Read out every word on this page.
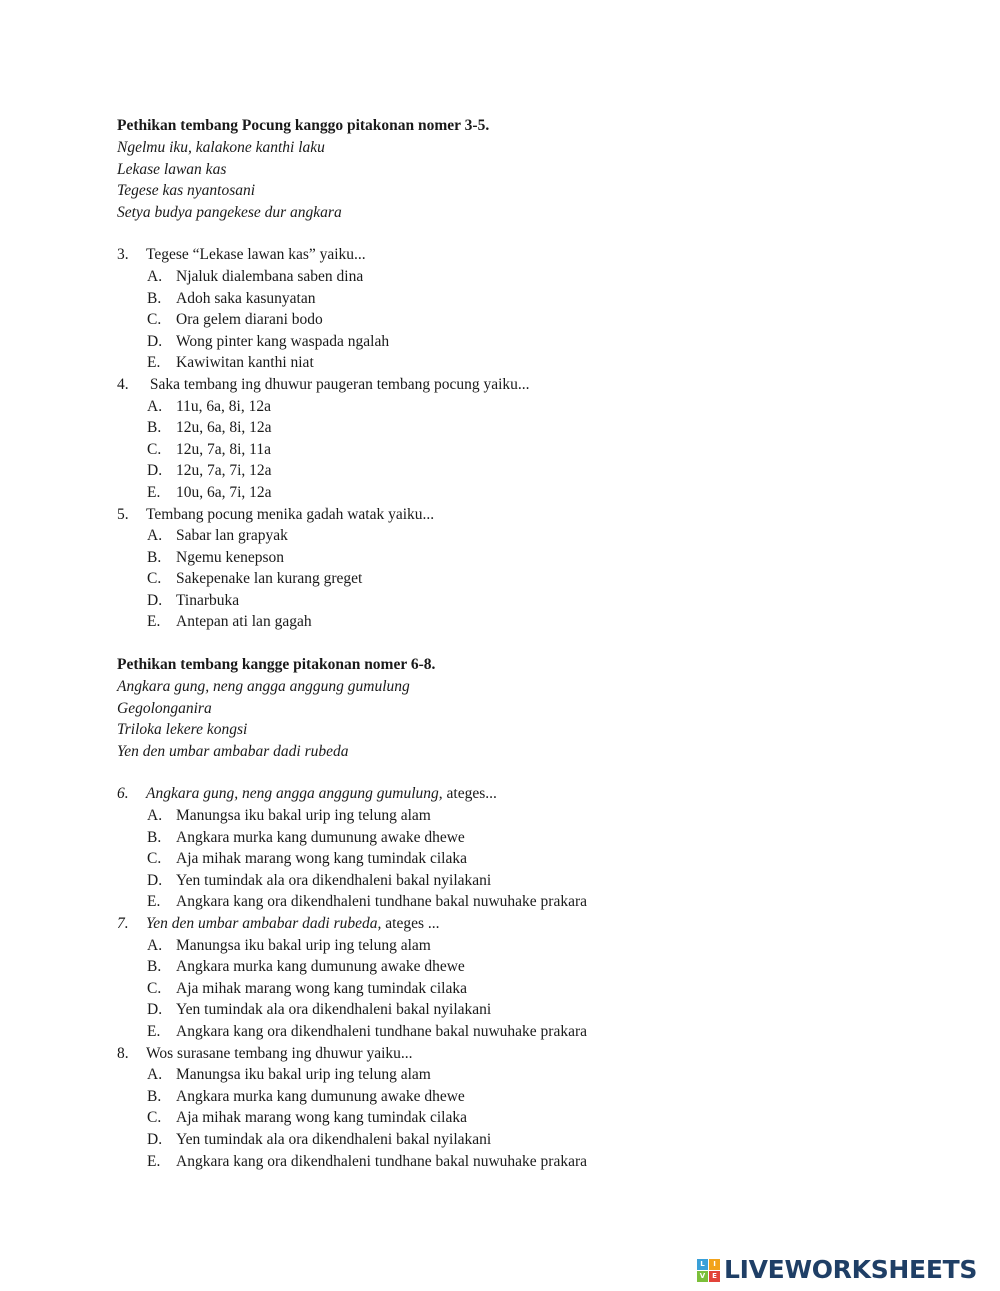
Pethikan tembang Pocung kanggo pitakonan nomer 3-5.
Ngelmu iku, kalakone kanthi laku
Lekase lawan kas
Tegese kas nyantosani
Setya budya pangekese dur angkara
3. Tegese “Lekase lawan kas” yaiku...
A. Njaluk dialembana saben dina
B. Adoh saka kasunyatan
C. Ora gelem diarani bodo
D. Wong pinter kang waspada ngalah
E. Kawiwitan kanthi niat
4. Saka tembang ing dhuwur paugeran tembang pocung yaiku...
A. 11u, 6a, 8i, 12a
B. 12u, 6a, 8i, 12a
C. 12u, 7a, 8i, 11a
D. 12u, 7a, 7i, 12a
E. 10u, 6a, 7i, 12a
5. Tembang pocung menika gadah watak yaiku...
A. Sabar lan grapyak
B. Ngemu kenepson
C. Sakepenake lan kurang greget
D. Tinarbuka
E. Antepan ati lan gagah
Pethikan tembang kangge pitakonan nomer 6-8.
Angkara gung, neng angga anggung gumulung
Gegolonganira
Triloka lekere kongsi
Yen den umbar ambabar dadi rubeda
6. Angkara gung, neng angga anggung gumulung, ateges...
A. Manungsa iku bakal urip ing telung alam
B. Angkara murka kang dumunung awake dhewe
C. Aja mihak marang wong kang tumindak cilaka
D. Yen tumindak ala ora dikendhaleni bakal nyilakani
E. Angkara kang ora dikendhaleni tundhane bakal nuwuhake prakara
7. Yen den umbar ambabar dadi rubeda, ateges ...
A. Manungsa iku bakal urip ing telung alam
B. Angkara murka kang dumunung awake dhewe
C. Aja mihak marang wong kang tumindak cilaka
D. Yen tumindak ala ora dikendhaleni bakal nyilakani
E. Angkara kang ora dikendhaleni tundhane bakal nuwuhake prakara
8. Wos surasane tembang ing dhuwur yaiku...
A. Manungsa iku bakal urip ing telung alam
B. Angkara murka kang dumunung awake dhewe
C. Aja mihak marang wong kang tumindak cilaka
D. Yen tumindak ala ora dikendhaleni bakal nyilakani
E. Angkara kang ora dikendhaleni tundhane bakal nuwuhake prakara
L	I
V E LIVEWORKSHEETS
